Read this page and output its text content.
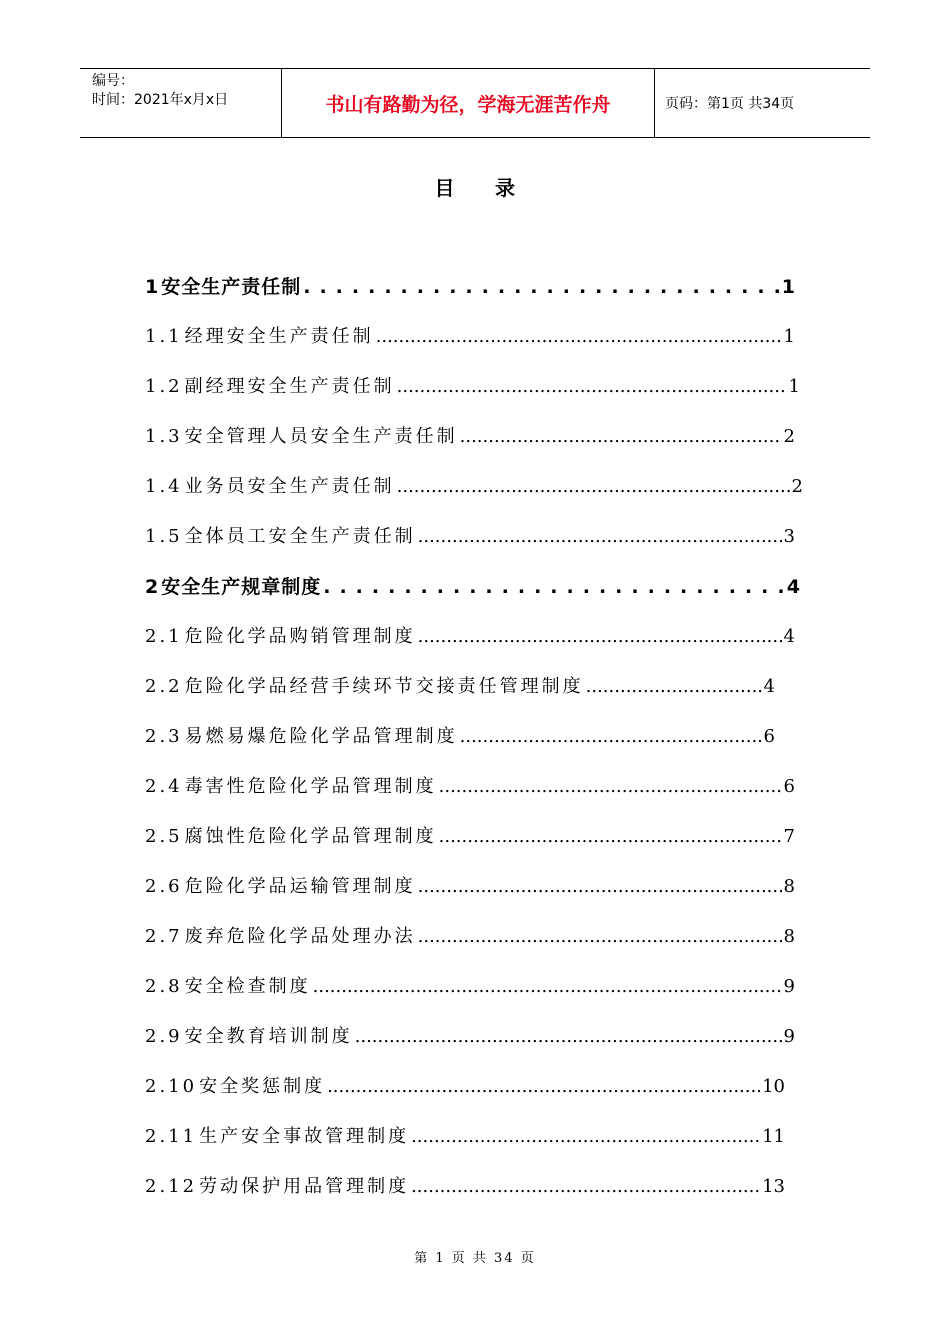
编号：
时间：2021年x月x日	书山有路勤为径，学海无涯苦作舟	页码：第1页 共34页
目 录
1 安全生产责任制 .....	1
1.1 经理安全生产责任制 .....	1
1.2 副经理安全生产责任制 .....	1
1.3 安全管理人员安全生产责任制 .....	2
1.4 业务员安全生产责任制 .....	2
1.5 全体员工安全生产责任制 .....	3
2 安全生产规章制度 .....	4
2.1 危险化学品购销管理制度 .....	4
2.2 危险化学品经营手续环节交接责任管理制度 .....	4
2.3 易燃易爆危险化学品管理制度 .....	6
2.4 毒害性危险化学品管理制度 .....	6
2.5 腐蚀性危险化学品管理制度 .....	7
2.6 危险化学品运输管理制度 .....	8
2.7 废弃危险化学品处理办法 .....	8
2.8 安全检查制度 .....	9
2.9 安全教育培训制度 .....	9
2.10 安全奖惩制度 .....	10
2.11 生产安全事故管理制度 .....	11
2.12 劳动保护用品管理制度 .....	13
第 1 页 共 34 页
